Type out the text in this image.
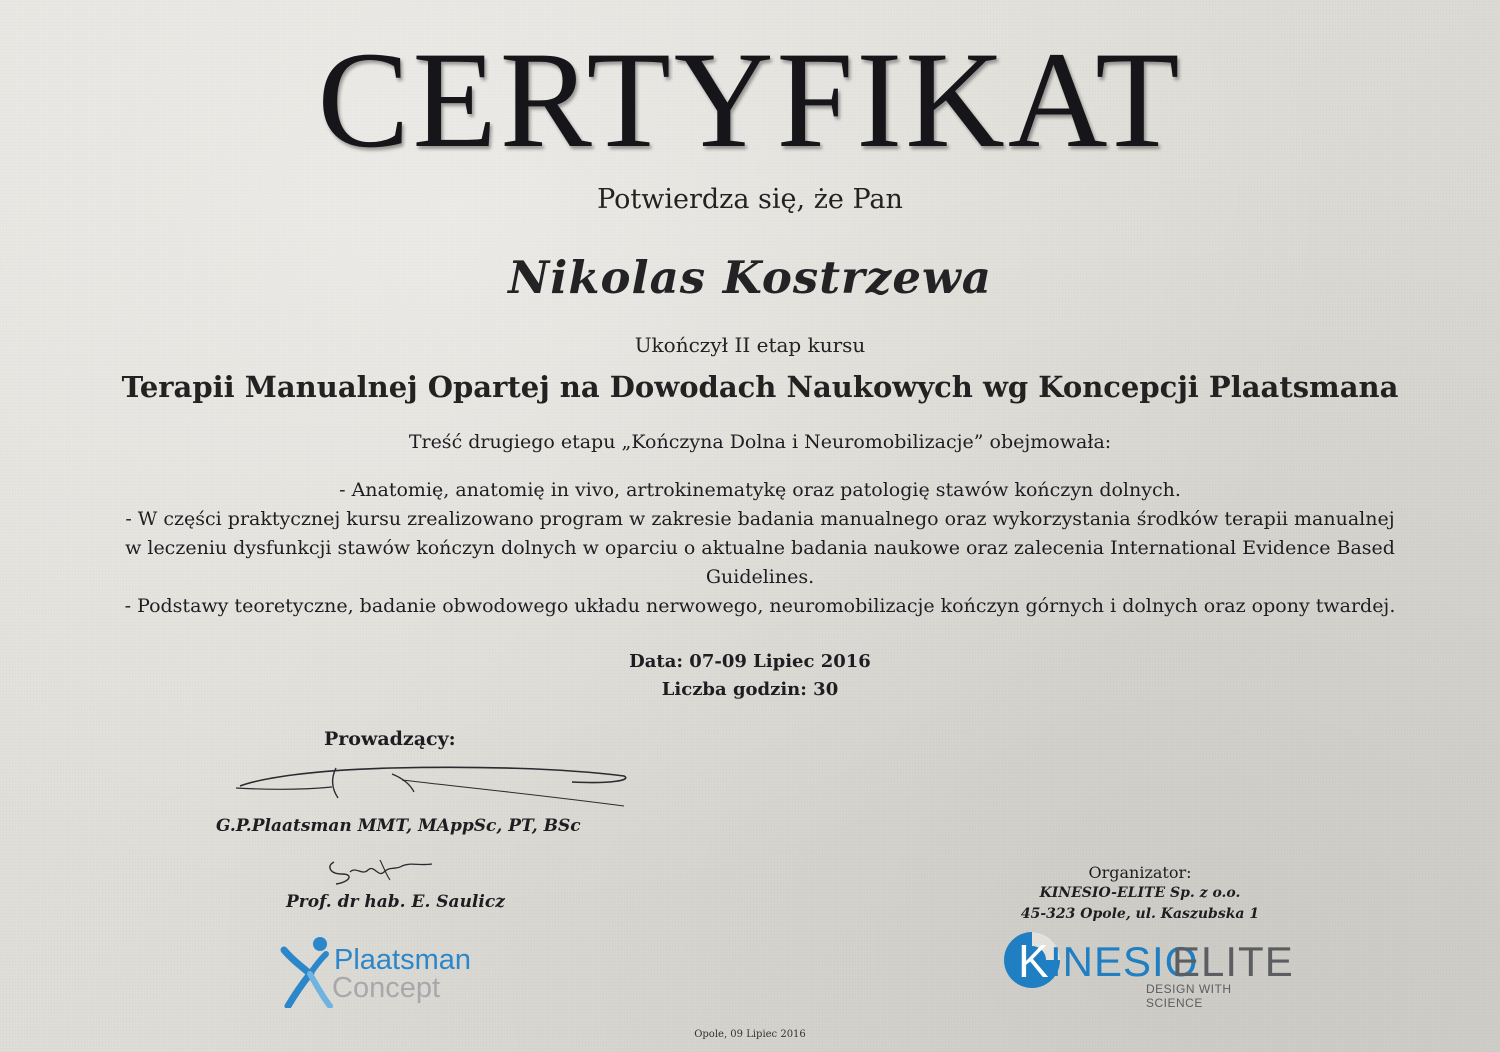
CERTYFIKAT
Potwierdza się, że Pan
Nikolas Kostrzewa
Ukończył II etap kursu
Terapii Manualnej Opartej na Dowodach Naukowych wg Koncepcji Plaatsmana
Treść drugiego etapu „Kończyna Dolna i Neuromobilizacje” obejmowała:
- Anatomię, anatomię in vivo, artrokinematykę oraz patologię stawów kończyn dolnych.
- W części praktycznej kursu zrealizowano program w zakresie badania manualnego oraz wykorzystania środków terapii manualnej
w leczeniu dysfunkcji stawów kończyn dolnych w oparciu o aktualne badania naukowe oraz zalecenia International Evidence Based
Guidelines.
- Podstawy teoretyczne, badanie obwodowego układu nerwowego, neuromobilizacje kończyn górnych i dolnych oraz opony twardej.
Data: 07-09 Lipiec 2016
Liczba godzin: 30
Prowadzący:
G.P.Plaatsman MMT, MAppSc, PT, BSc
Prof. dr hab. E. Saulicz
Plaatsman
Concept
Organizator:
KINESIO-ELITE Sp. z o.o.
45-323 Opole, ul. Kaszubska 1
K INESIO
ELITE
DESIGN WITH SCIENCE
Opole, 09 Lipiec 2016
